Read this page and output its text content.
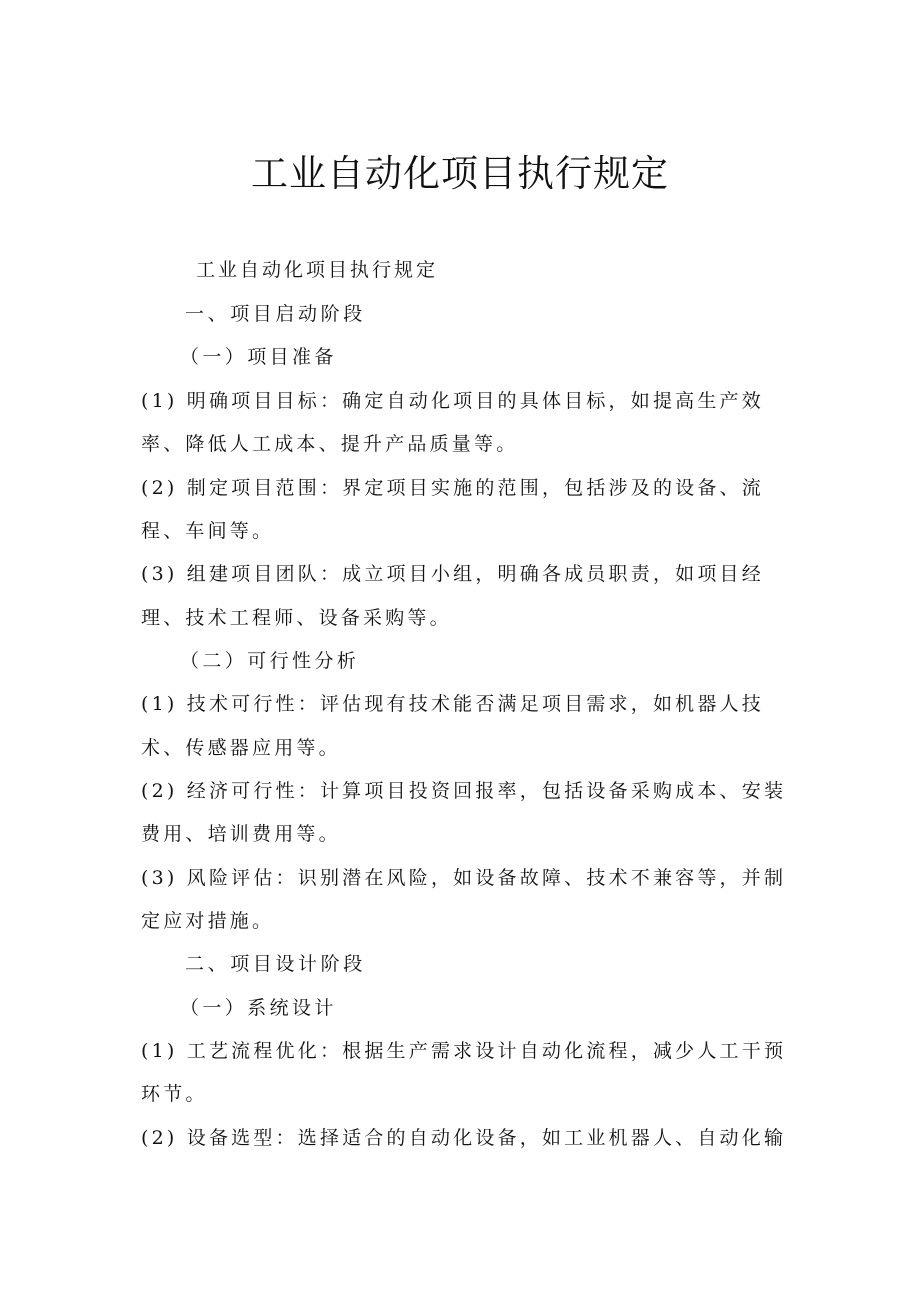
工业自动化项目执行规定
工业自动化项目执行规定
一、项目启动阶段
（一）项目准备
(1) 明确项目目标：确定自动化项目的具体目标，如提高生产效
率、降低人工成本、提升产品质量等。
(2) 制定项目范围：界定项目实施的范围，包括涉及的设备、流
程、车间等。
(3) 组建项目团队：成立项目小组，明确各成员职责，如项目经
理、技术工程师、设备采购等。
（二）可行性分析
(1) 技术可行性：评估现有技术能否满足项目需求，如机器人技
术、传感器应用等。
(2) 经济可行性：计算项目投资回报率，包括设备采购成本、安装
费用、培训费用等。
(3) 风险评估：识别潜在风险，如设备故障、技术不兼容等，并制
定应对措施。
二、项目设计阶段
（一）系统设计
(1) 工艺流程优化：根据生产需求设计自动化流程，减少人工干预
环节。
(2) 设备选型：选择适合的自动化设备，如工业机器人、自动化输
